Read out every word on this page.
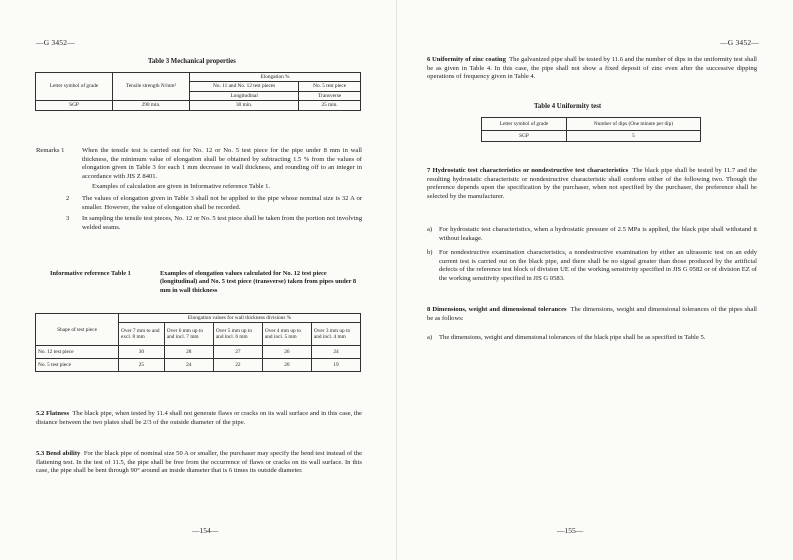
—G 3452—
Table 3 Mechanical properties
Letter symbol of grade	Tensile strength N/mm²	Elongation %	
		No. 11 and No. 12 test pieces	No. 5 test piece
		Longitudinal	Transverse
SGP	290 min.	30 min.	25 min.
Remarks 1	When the tensile test is carried out for No. 12 or No. 5 test piece for the pipe under 8 mm in wall thickness, the minimum value of elongation shall be obtained by subtracting 1.5 % from the values of elongation given in Table 3 for each 1 mm decrease in wall thickness, and rounding off to an integer in accordance with JIS Z 8401.
Examples of calculation are given in Informative reference Table 1.
2	The values of elongation given in Table 3 shall not be applied to the pipe whose nominal size is 32 A or smaller. However, the value of elongation shall be recorded.
3	In sampling the tensile test pieces, No. 12 or No. 5 test piece shall be taken from the portion not involving welded seams.
Informative reference Table 1	Examples of elongation values calculated for No. 12 test piece (longitudinal) and No. 5 test piece (transverse) taken from pipes under 8 mm in wall thickness
Shape of test piece	Elongation values for wall thickness divisions %				
	Over 7 mm to and excl. 8 mm	Over 6 mm up to and incl. 7 mm	Over 5 mm up to and incl. 6 mm	Over 4 mm up to and incl. 5 mm	Over 3 mm up to and incl. 4 mm
No. 12 test piece	30	28	27	26	24
No. 5 test piece	25	24	22	20	19
5.2 Flatness The black pipe, when tested by 11.4 shall not generate flaws or cracks on its wall surface and in this case, the distance between the two plates shall be 2/3 of the outside diameter of the pipe.
5.3 Bend ability For the black pipe of nominal size 50 A or smaller, the purchaser may specify the bend test instead of the flattening test. In the test of 11.5, the pipe shall be free from the occurrence of flaws or cracks on its wall surface. In this case, the pipe shall be bent through 90° around an inside diameter that is 6 times its outside diameter.
—154—
—G 3452—
6 Uniformity of zinc coating The galvanized pipe shall be tested by 11.6 and the number of dips in the uniformity test shall be as given in Table 4. In this case, the pipe shall not show a fixed deposit of zinc even after the successive dipping operations of frequency given in Table 4.
Table 4 Uniformity test
Letter symbol of grade	Number of dips (One minute per dip)
SGP	5
7 Hydrostatic test characteristics or nondestructive test characteristics The black pipe shall be tested by 11.7 and the resulting hydrostatic characteristic or nondestructive characteristic shall conform either of the following two. Though the preference depends upon the specification by the purchaser, when not specified by the purchaser, the preference shall be selected by the manufacturer.
a)	For hydrostatic test characteristics, when a hydrostatic pressure of 2.5 MPa is applied, the black pipe shall withstand it without leakage.
b) For nondestructive examination characteristics, a nondestructive examination by either an ultrasonic test on an eddy current test is carried out on the black pipe, and there shall be no signal greater than those produced by the artificial defects of the reference test block of division UE of the working sensitivity specified in JIS G 0582 or of division EZ of the working sensitivity specified in JIS G 0583.
8 Dimensions, weight and dimensional tolerances The dimensions, weight and dimensional tolerances of the pipes shall be as follows:
a)	The dimensions, weight and dimensional tolerances of the black pipe shall be as specified in Table 5.
—155—
